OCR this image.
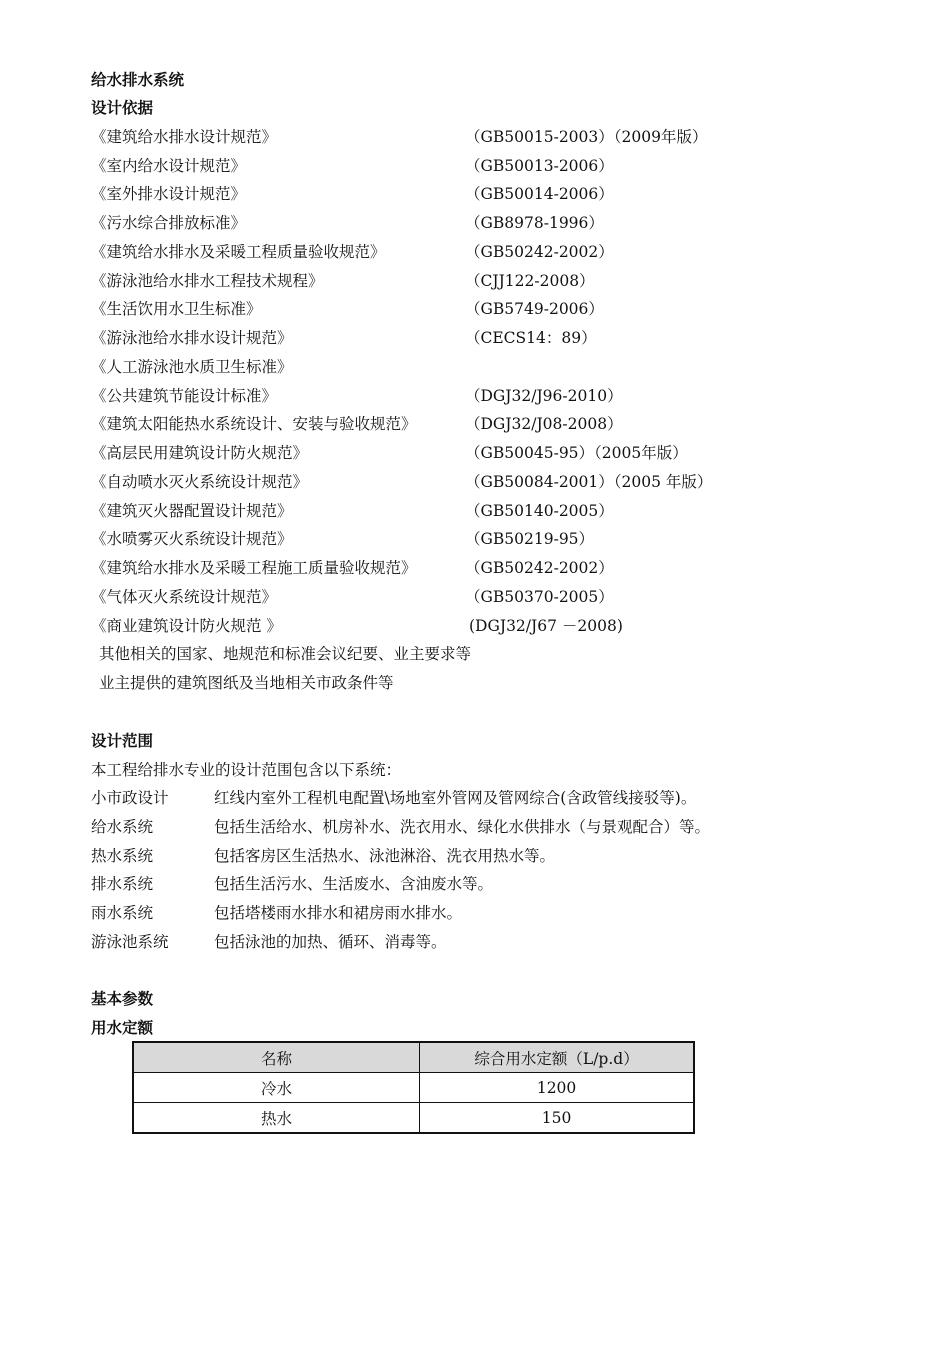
给水排水系统
设计依据
《建筑给水排水设计规范》	（GB50015-2003）（2009年版）
《室内给水设计规范》	（GB50013-2006）
《室外排水设计规范》	（GB50014-2006）
《污水综合排放标准》	（GB8978-1996）
《建筑给水排水及采暖工程质量验收规范》	（GB50242-2002）
《游泳池给水排水工程技术规程》	（CJJ122-2008）
《生活饮用水卫生标准》	（GB5749-2006）
《游泳池给水排水设计规范》	（CECS14：89）
《人工游泳池水质卫生标准》
《公共建筑节能设计标准》	（DGJ32/J96-2010）
《建筑太阳能热水系统设计、安装与验收规范》	（DGJ32/J08-2008）
《高层民用建筑设计防火规范》	（GB50045-95）（2005年版）
《自动喷水灭火系统设计规范》	（GB50084-2001）（2005 年版）
《建筑灭火器配置设计规范》	（GB50140-2005）
《水喷雾灭火系统设计规范》	（GB50219-95）
《建筑给水排水及采暖工程施工质量验收规范》	（GB50242-2002）
《气体灭火系统设计规范》	（GB50370-2005）
《商业建筑设计防火规范 》	(DGJ32/J67 －2008)
其他相关的国家、地规范和标准会议纪要、业主要求等
业主提供的建筑图纸及当地相关市政条件等
设计范围
本工程给排水专业的设计范围包含以下系统：
小市政设计	红线内室外工程机电配置\场地室外管网及管网综合(含政管线接驳等)。
给水系统	包括生活给水、机房补水、洗衣用水、绿化水供排水（与景观配合）等。
热水系统	包括客房区生活热水、泳池淋浴、洗衣用热水等。
排水系统	包括生活污水、生活废水、含油废水等。
雨水系统	包括塔楼雨水排水和裙房雨水排水。
游泳池系统	包括泳池的加热、循环、消毒等。
基本参数
用水定额
名称	综合用水定额（L/p.d）
冷水	1200
热水	150
